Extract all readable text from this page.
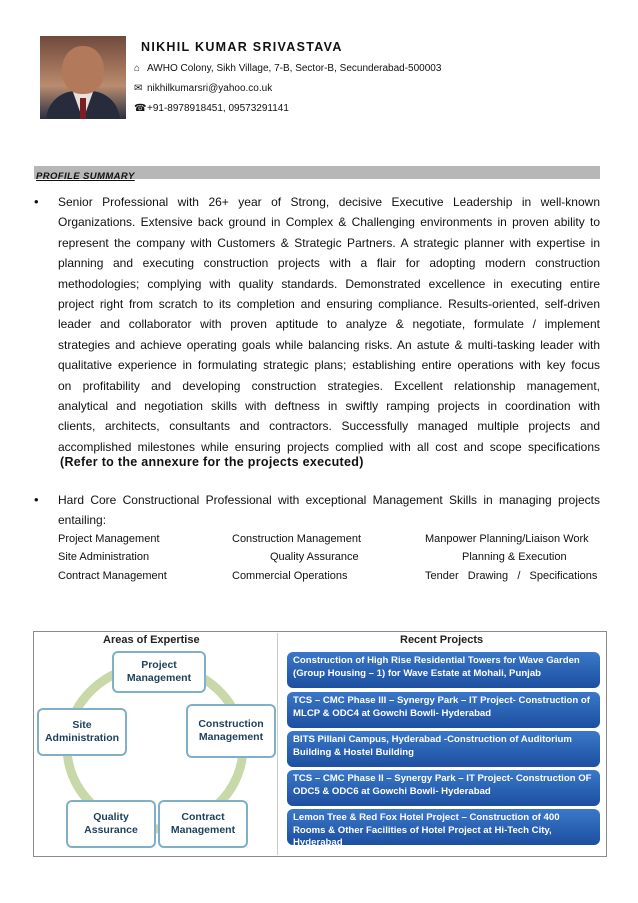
NIKHIL KUMAR SRIVASTAVA
⌂ AWHO Colony, Sikh Village, 7-B, Sector-B, Secunderabad-500003
✉ nikhilkumarsri@yahoo.co.uk
☎+91-8978918451, 09573291141
PROFILE SUMMARY
• Senior Professional with 26+ year of Strong, decisive Executive Leadership in well-known
Organizations. Extensive back ground in Complex & Challenging environments in proven ability to
represent the company with Customers & Strategic Partners. A strategic planner with expertise in
planning and executing construction projects with a flair for adopting modern construction
methodologies; complying with quality standards. Demonstrated excellence in executing entire
project right from scratch to its completion and ensuring compliance. Results-oriented, self-driven
leader and collaborator with proven aptitude to analyze & negotiate, formulate / implement
strategies and achieve operating goals while balancing risks. An astute & multi-tasking leader with
qualitative experience in formulating strategic plans; establishing entire operations with key focus
on profitability and developing construction strategies. Excellent relationship management,
analytical and negotiation skills with deftness in swiftly ramping projects in coordination with
clients, architects, consultants and contractors. Successfully managed multiple projects and
accomplished milestones while ensuring projects complied with all cost and scope specifications
(Refer to the annexure for the projects executed)
• Hard Core Constructional Professional with exceptional Management Skills in managing projects
entailing:
Project Management	Construction Management	Manpower Planning/Liaison Work
Site Administration	Quality Assurance	Planning & Execution
Contract Management	Commercial Operations	Tender   Drawing   /   Specifications
Areas of Expertise	Recent Projects
Project Management
Construction Management
Contract Management
Quality Assurance
Site Administration
Construction of High Rise Residential Towers for Wave Garden (Group Housing – 1) for Wave Estate at Mohali, Punjab
TCS – CMC Phase III – Synergy Park – IT Project- Construction of MLCP & ODC4 at Gowchi Bowli- Hyderabad
BITS Pillani Campus, Hyderabad -Construction of Auditorium Building & Hostel Building
TCS – CMC Phase II – Synergy Park – IT Project- Construction OF ODC5 & ODC6 at Gowchi Bowli- Hyderabad
Lemon Tree & Red Fox Hotel Project – Construction of 400 Rooms & Other Facilities of Hotel Project at Hi-Tech City, Hyderabad
